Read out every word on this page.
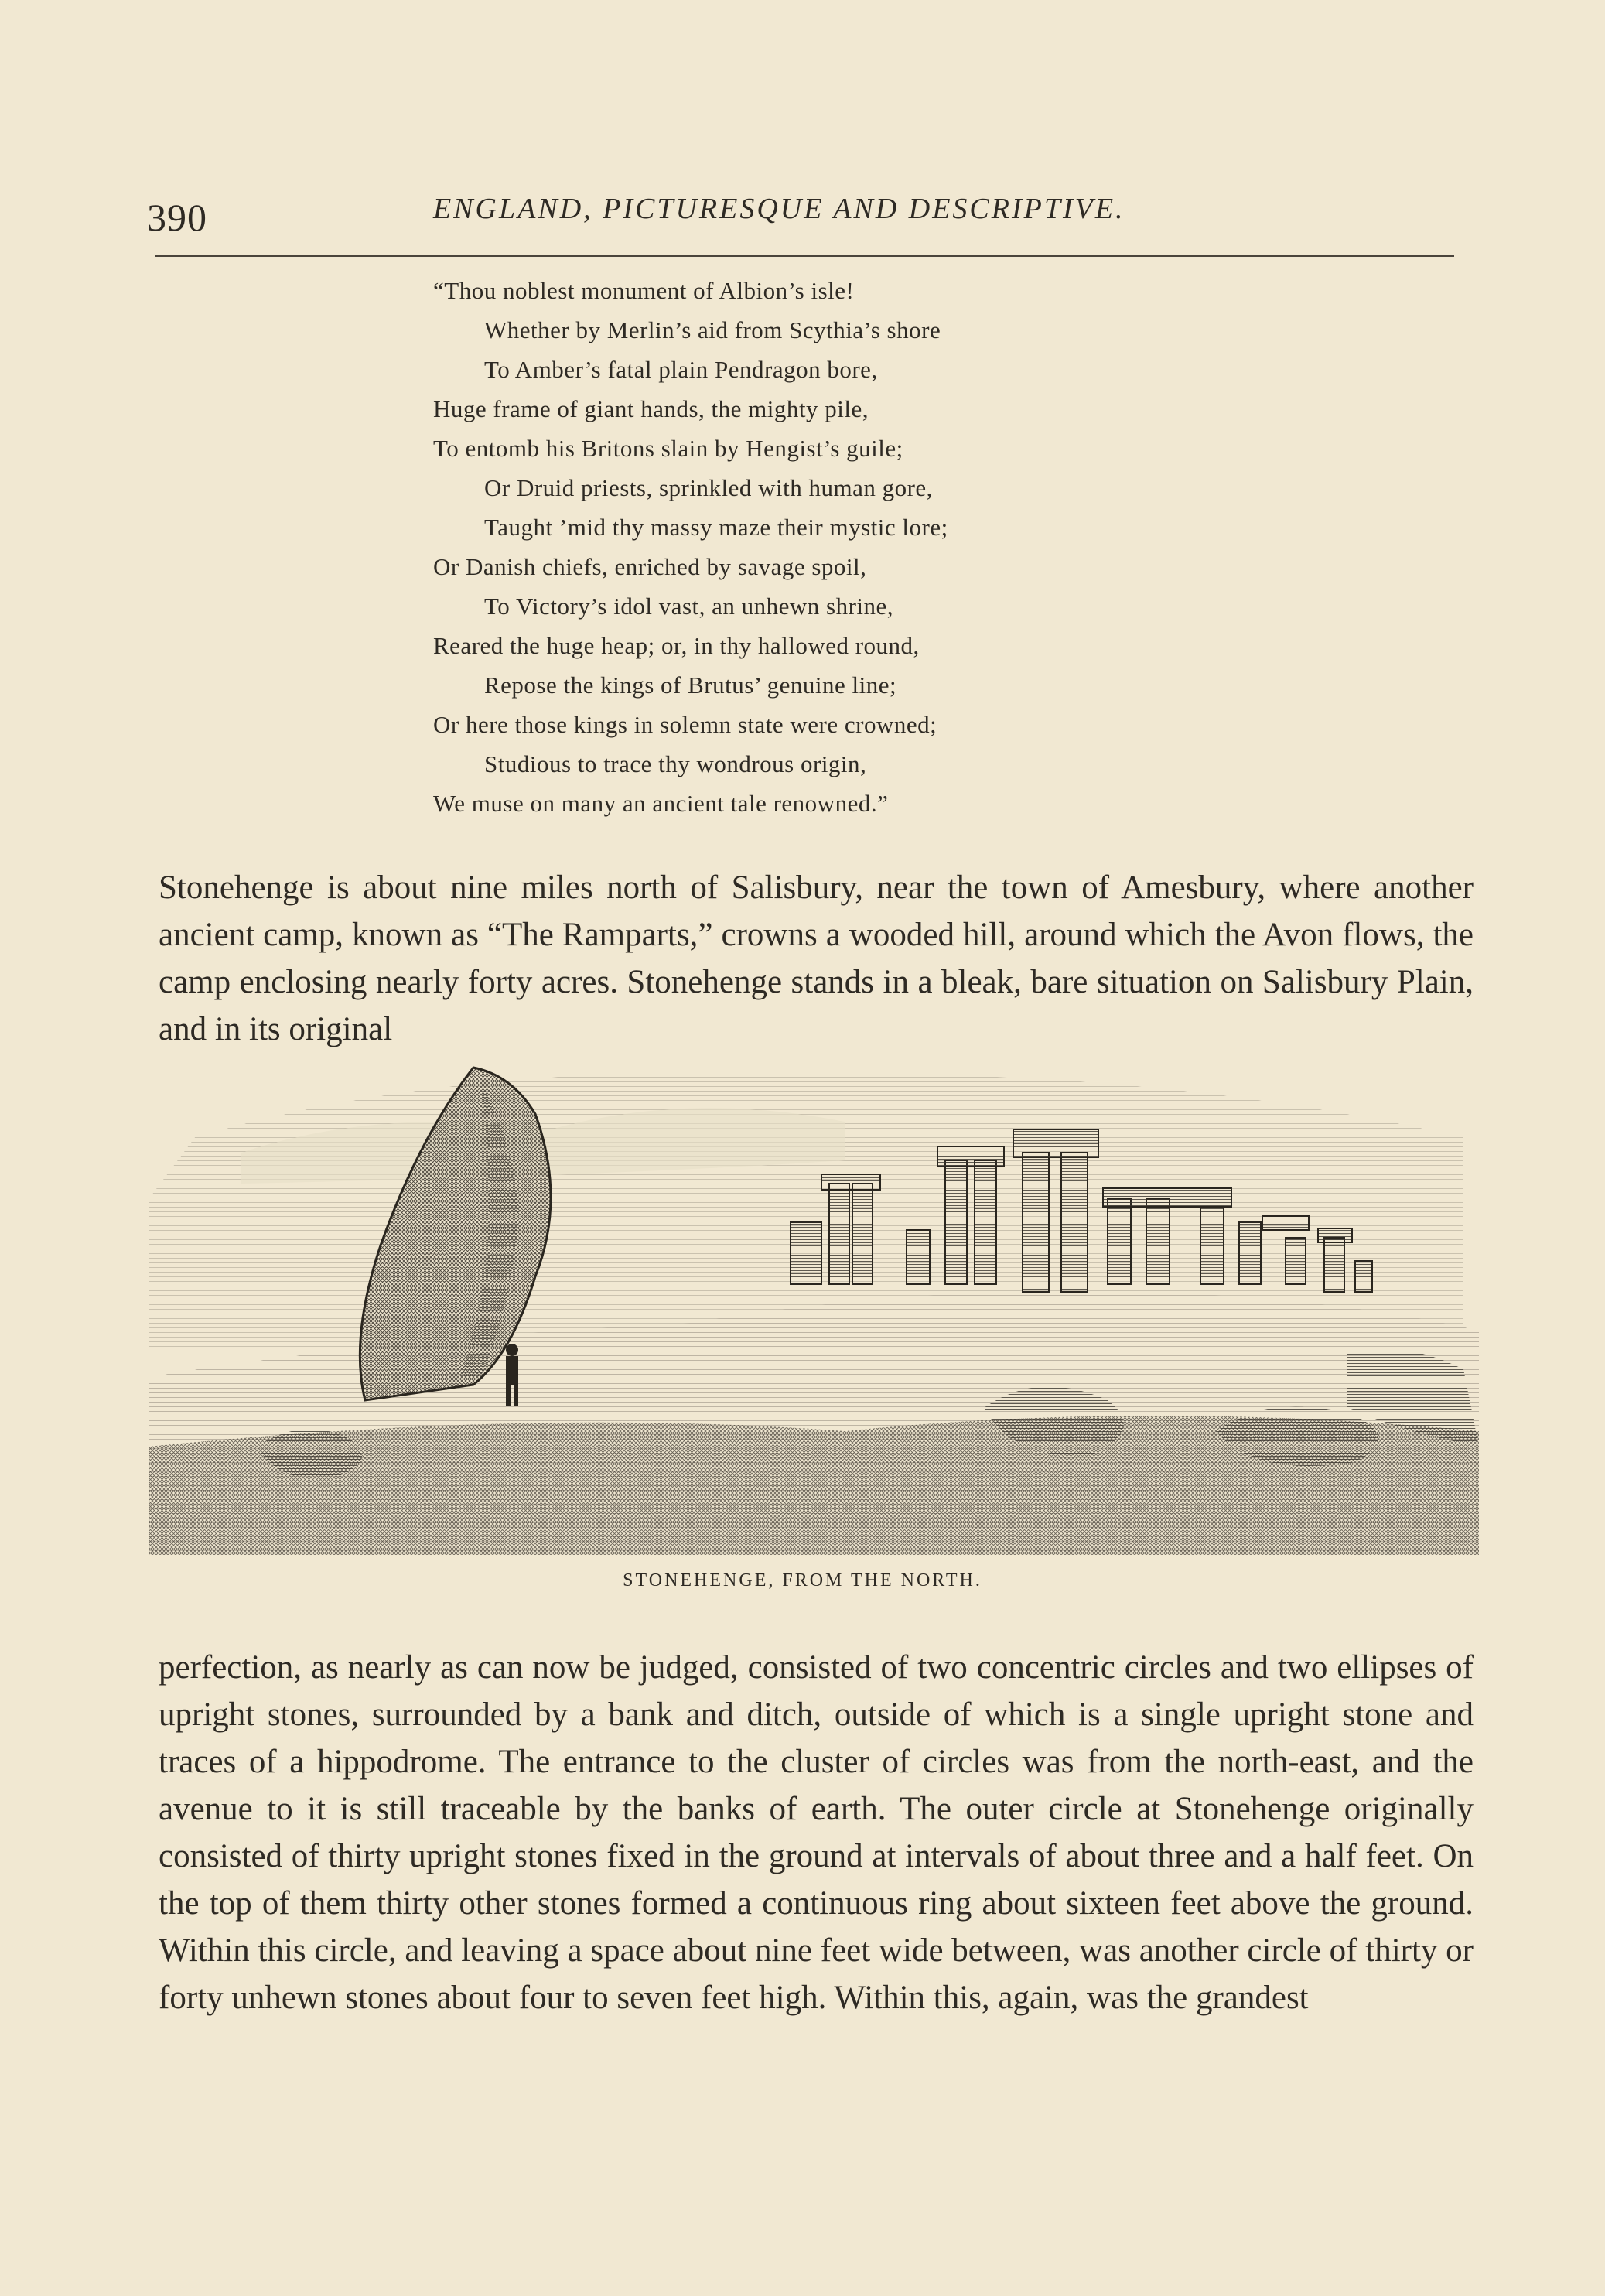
390	ENGLAND, PICTURESQUE AND DESCRIPTIVE.
“Thou noblest monument of Albion’s isle!
Whether by Merlin’s aid from Scythia’s shore
To Amber’s fatal plain Pendragon bore,
Huge frame of giant hands, the mighty pile,
To entomb his Britons slain by Hengist’s guile;
Or Druid priests, sprinkled with human gore,
Taught ’mid thy massy maze their mystic lore;
Or Danish chiefs, enriched by savage spoil,
To Victory’s idol vast, an unhewn shrine,
Reared the huge heap; or, in thy hallowed round,
Repose the kings of Brutus’ genuine line;
Or here those kings in solemn state were crowned;
Studious to trace thy wondrous origin,
We muse on many an ancient tale renowned.”

Stonehenge is about nine miles north of Salisbury, near the town of Amesbury, where another ancient camp, known as “The Ramparts,” crowns a wooded hill, around which the Avon flows, the camp enclosing nearly forty acres. Stonehenge stands in a bleak, bare situation on Salisbury Plain, and in its original

STONEHENGE, FROM THE NORTH.

perfection, as nearly as can now be judged, consisted of two concentric circles and two ellipses of upright stones, surrounded by a bank and ditch, outside of which is a single upright stone and traces of a hippodrome. The entrance to the cluster of circles was from the north-east, and the avenue to it is still traceable by the banks of earth. The outer circle at Stonehenge originally consisted of thirty upright stones fixed in the ground at intervals of about three and a half feet. On the top of them thirty other stones formed a continuous ring about sixteen feet above the ground. Within this circle, and leaving a space about nine feet wide between, was another circle of thirty or forty unhewn stones about four to seven feet high. Within this, again, was the grandest
